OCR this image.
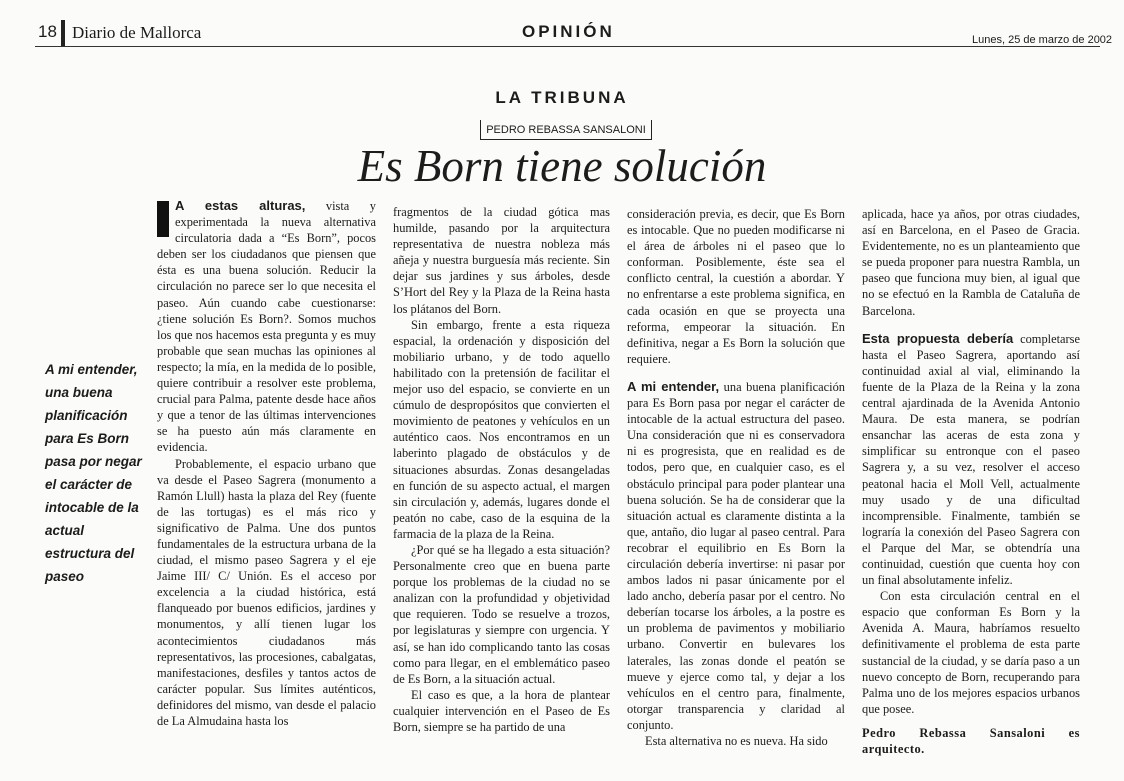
18 Diario de Mallorca	OPINIÓN	Lunes, 25 de marzo de 2002
LA TRIBUNA
PEDRO REBASSA SANSALONI
Es Born tiene solución
A mi entender, una buena planificación para Es Born pasa por negar el carácter de intocable de la actual estructura del paseo

A estas alturas, vista y experimentada la nueva alternativa circulatoria dada a “Es Born”, pocos deben ser los ciudadanos que piensen que ésta es una buena solución. Reducir la circulación no parece ser lo que necesita el paseo. Aún cuando cabe cuestionarse: ¿tiene solución Es Born?. Somos muchos los que nos hacemos esta pregunta y es muy probable que sean muchas las opiniones al respecto; la mía, en la medida de lo posible, quiere contribuir a resolver este problema, crucial para Palma, patente desde hace años y que a tenor de las últimas intervenciones se ha puesto aún más claramente en evidencia.

Probablemente, el espacio urbano que va desde el Paseo Sagrera (monumento a Ramón Llull) hasta la plaza del Rey (fuente de las tortugas) es el más rico y significativo de Palma. Une dos puntos fundamentales de la estructura urbana de la ciudad, el mismo paseo Sagrera y el eje Jaime III/ C/ Unión. Es el acceso por excelencia a la ciudad histórica, está flanqueado por buenos edificios, jardines y monumentos, y allí tienen lugar los acontecimientos ciudadanos más representativos, las procesiones, cabalgatas, manifestaciones, desfiles y tantos actos de carácter popular. Sus límites auténticos, definidores del mismo, van desde el palacio de La Almudaina hasta los

fragmentos de la ciudad gótica mas humilde, pasando por la arquitectura representativa de nuestra nobleza más añeja y nuestra burguesía más reciente. Sin dejar sus jardines y sus árboles, desde S’Hort del Rey y la Plaza de la Reina hasta los plátanos del Born.

Sin embargo, frente a esta riqueza espacial, la ordenación y disposición del mobiliario urbano, y de todo aquello habilitado con la pretensión de facilitar el mejor uso del espacio, se convierte en un cúmulo de despropósitos que convierten el movimiento de peatones y vehículos en un auténtico caos. Nos encontramos en un laberinto plagado de obstáculos y de situaciones absurdas. Zonas desangeladas en función de su aspecto actual, el margen sin circulación y, además, lugares donde el peatón no cabe, caso de la esquina de la farmacia de la plaza de la Reina.

¿Por qué se ha llegado a esta situación? Personalmente creo que en buena parte porque los problemas de la ciudad no se analizan con la profundidad y objetividad que requieren. Todo se resuelve a trozos, por legislaturas y siempre con urgencia. Y así, se han ido complicando tanto las cosas como para llegar, en el emblemático paseo de Es Born, a la situación actual.

El caso es que, a la hora de plantear cualquier intervención en el Paseo de Es Born, siempre se ha partido de una

consideración previa, es decir, que Es Born es intocable. Que no pueden modificarse ni el área de árboles ni el paseo que lo conforman. Posiblemente, éste sea el conflicto central, la cuestión a abordar. Y no enfrentarse a este problema significa, en cada ocasión en que se proyecta una reforma, empeorar la situación. En definitiva, negar a Es Born la solución que requiere.

A mi entender, una buena planificación para Es Born pasa por negar el carácter de intocable de la actual estructura del paseo. Una consideración que ni es conservadora ni es progresista, que en realidad es de todos, pero que, en cualquier caso, es el obstáculo principal para poder plantear una buena solución. Se ha de considerar que la situación actual es claramente distinta a la que, antaño, dio lugar al paseo central. Para recobrar el equilibrio en Es Born la circulación debería invertirse: ni pasar por ambos lados ni pasar únicamente por el lado ancho, debería pasar por el centro. No deberían tocarse los árboles, a la postre es un problema de pavimentos y mobiliario urbano. Convertir en bulevares los laterales, las zonas donde el peatón se mueve y ejerce como tal, y dejar a los vehículos en el centro para, finalmente, otorgar transparencia y claridad al conjunto.

Esta alternativa no es nueva. Ha sido

aplicada, hace ya años, por otras ciudades, así en Barcelona, en el Paseo de Gracia. Evidentemente, no es un planteamiento que se pueda proponer para nuestra Rambla, un paseo que funciona muy bien, al igual que no se efectuó en la Rambla de Cataluña de Barcelona.

Esta propuesta debería completarse hasta el Paseo Sagrera, aportando así continuidad axial al vial, eliminando la fuente de la Plaza de la Reina y la zona central ajardinada de la Avenida Antonio Maura. De esta manera, se podrían ensanchar las aceras de esta zona y simplificar su entronque con el paseo Sagrera y, a su vez, resolver el acceso peatonal hacia el Moll Vell, actualmente muy usado y de una dificultad incomprensible. Finalmente, también se lograría la conexión del Paseo Sagrera con el Parque del Mar, se obtendría una continuidad, cuestión que cuenta hoy con un final absolutamente infeliz.

Con esta circulación central en el espacio que conforman Es Born y la Avenida A. Maura, habríamos resuelto definitivamente el problema de esta parte sustancial de la ciudad, y se daría paso a un nuevo concepto de Born, recuperando para Palma uno de los mejores espacios urbanos que posee.

Pedro Rebassa Sansaloni es arquitecto.
